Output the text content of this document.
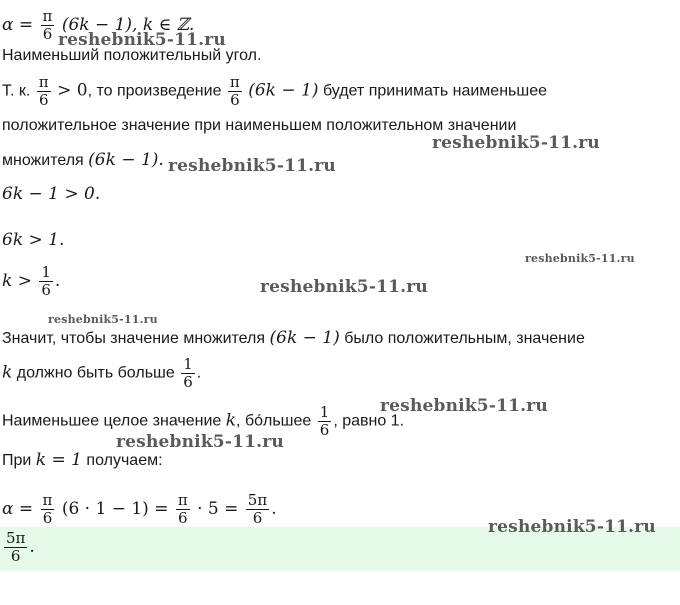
$\alpha = \frac{\pi}{6} (6k - 1)$, k ∈ ℤ.
Наименьший положительный угол.
Т. к. $\frac{\pi}{6} > 0$, то произведение $\frac{\pi}{6} (6k - 1)$ будет принимать наименьшее
положительное значение при наименьшем положительном значении
множителя (6k − 1).
6k − 1 > 0.
6k > 1.
$k > \frac{1}{6}$ .
Значит, чтобы значение множителя (6k − 1) было положительным, значение
k должно быть больше $\frac{1}{6}$ .
Наименьшее целое значение k, бо́льшее $\frac{1}{6}$ , равно 1.
При k = 1 получаем:
$\alpha = \frac{\pi}{6} (6 \cdot 1 - 1) = \frac{\pi}{6} \cdot 5 = \frac{5\pi}{6}$ .
$\frac{5\pi}{6}$ .
reshebnik5-11.ru
reshebnik5-11.ru
reshebnik5-11.ru
reshebnik5-11.ru
reshebnik5-11.ru
reshebnik5-11.ru
reshebnik5-11.ru
reshebnik5-11.ru
reshebnik5-11.ru
